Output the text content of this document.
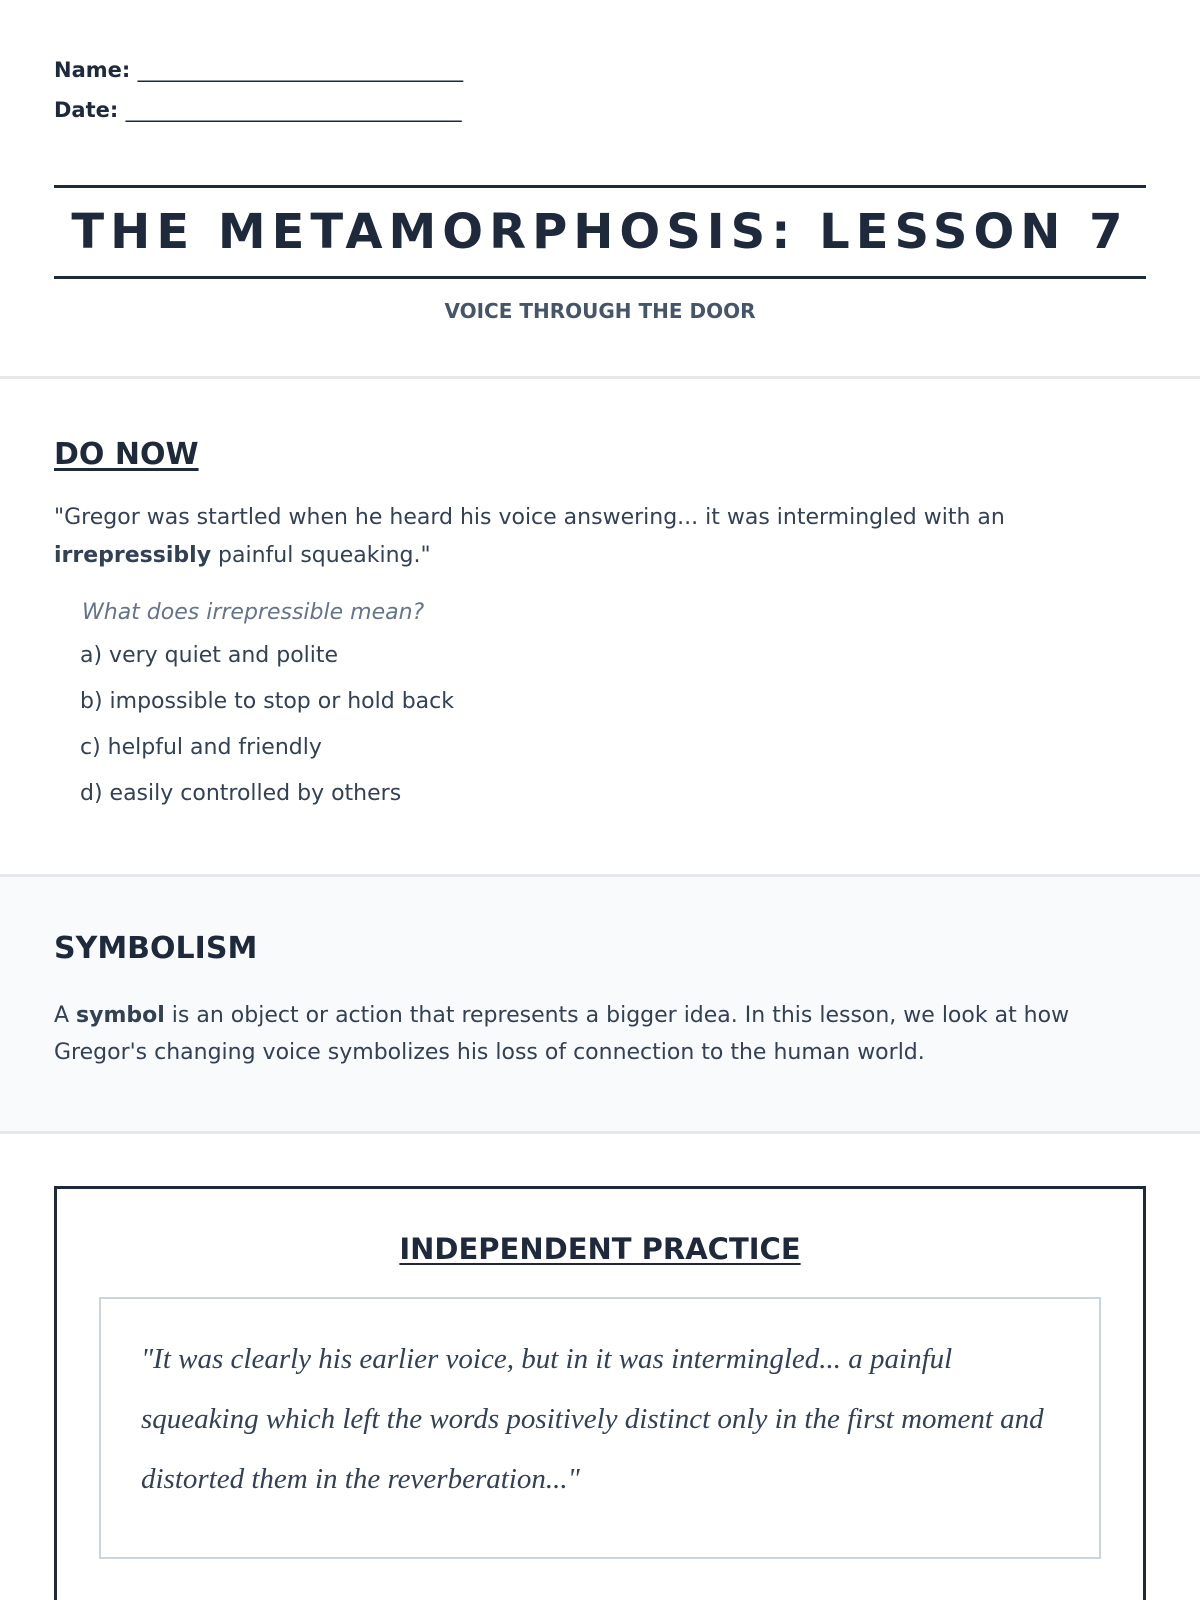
Name: _______________________________
Date: ________________________________
THE METAMORPHOSIS: LESSON 7
VOICE THROUGH THE DOOR
DO NOW
"Gregor was startled when he heard his voice answering... it was intermingled with an irrepressibly painful squeaking."
What does irrepressible mean?
a) very quiet and polite
b) impossible to stop or hold back
c) helpful and friendly
d) easily controlled by others
SYMBOLISM
A symbol is an object or action that represents a bigger idea. In this lesson, we look at how Gregor's changing voice symbolizes his loss of connection to the human world.
INDEPENDENT PRACTICE
"It was clearly his earlier voice, but in it was intermingled... a painful squeaking which left the words positively distinct only in the first moment and distorted them in the reverberation..."
